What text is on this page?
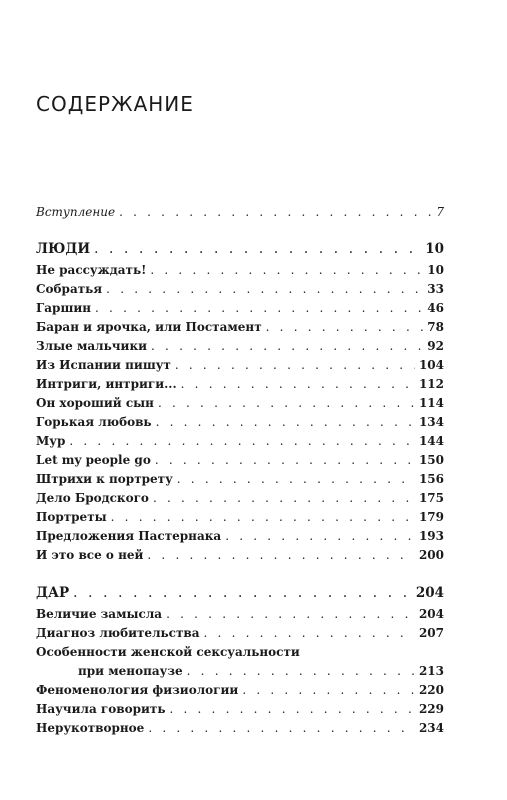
СОДЕРЖАНИЕ
Вступление . . .	7
ЛЮДИ . . .	10
Не рассуждать! . . .	10
Собратья . . .	33
Гаршин . . .	46
Баран и ярочка, или Постамент . . .	78
Злые мальчики . . .	92
Из Испании пишут . . .	104
Интриги, интриги... . . .	112
Он хороший сын . . .	114
Горькая любовь . . .	134
Мур . . .	144
Let my people go . . .	150
Штрихи к портрету . . .	156
Дело Бродского . . .	175
Портреты . . .	179
Предложения Пастернака . . .	193
И это все о ней . . .	200
ДАР . . .	204
Величие замысла . . .	204
Диагноз любительства . . .	207
Особенности женской сексуальности
при менопаузе . . .	213
Феноменология физиологии . . .	220
Научила говорить . . .	229
Нерукотворное . . .	234
